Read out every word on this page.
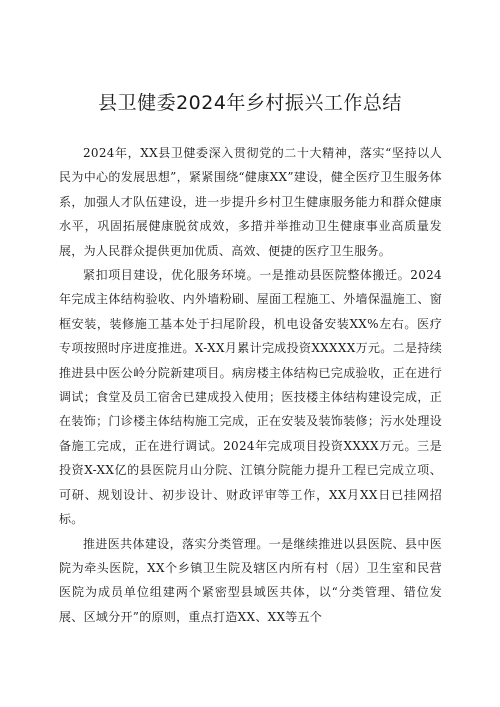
县卫健委2024年乡村振兴工作总结

2024年，XX县卫健委深入贯彻党的二十大精神，落实“坚持以人民为中心的发展思想”，紧紧围绕“健康XX”建设，健全医疗卫生服务体系，加强人才队伍建设，进一步提升乡村卫生健康服务能力和群众健康水平，巩固拓展健康脱贫成效，多措并举推动卫生健康事业高质量发展，为人民群众提供更加优质、高效、便捷的医疗卫生服务。

紧扣项目建设，优化服务环境。一是推动县医院整体搬迁。2024年完成主体结构验收、内外墙粉刷、屋面工程施工、外墙保温施工、窗框安装，装修施工基本处于扫尾阶段，机电设备安装XX%左右。医疗专项按照时序进度推进。X-XX月累计完成投资XXXXX万元。二是持续推进县中医公岭分院新建项目。病房楼主体结构已完成验收，正在进行调试；食堂及员工宿舍已建成投入使用；医技楼主体结构建设完成，正在装饰；门诊楼主体结构施工完成，正在安装及装饰装修；污水处理设备施工完成，正在进行调试。2024年完成项目投资XXXX万元。三是投资X-XX亿的县医院月山分院、江镇分院能力提升工程已完成立项、可研、规划设计、初步设计、财政评审等工作，XX月XX日已挂网招标。

推进医共体建设，落实分类管理。一是继续推进以县医院、县中医院为牵头医院，XX个乡镇卫生院及辖区内所有村（居）卫生室和民营医院为成员单位组建两个紧密型县域医共体，以“分类管理、错位发展、区域分开”的原则，重点打造XX、XX等五个
